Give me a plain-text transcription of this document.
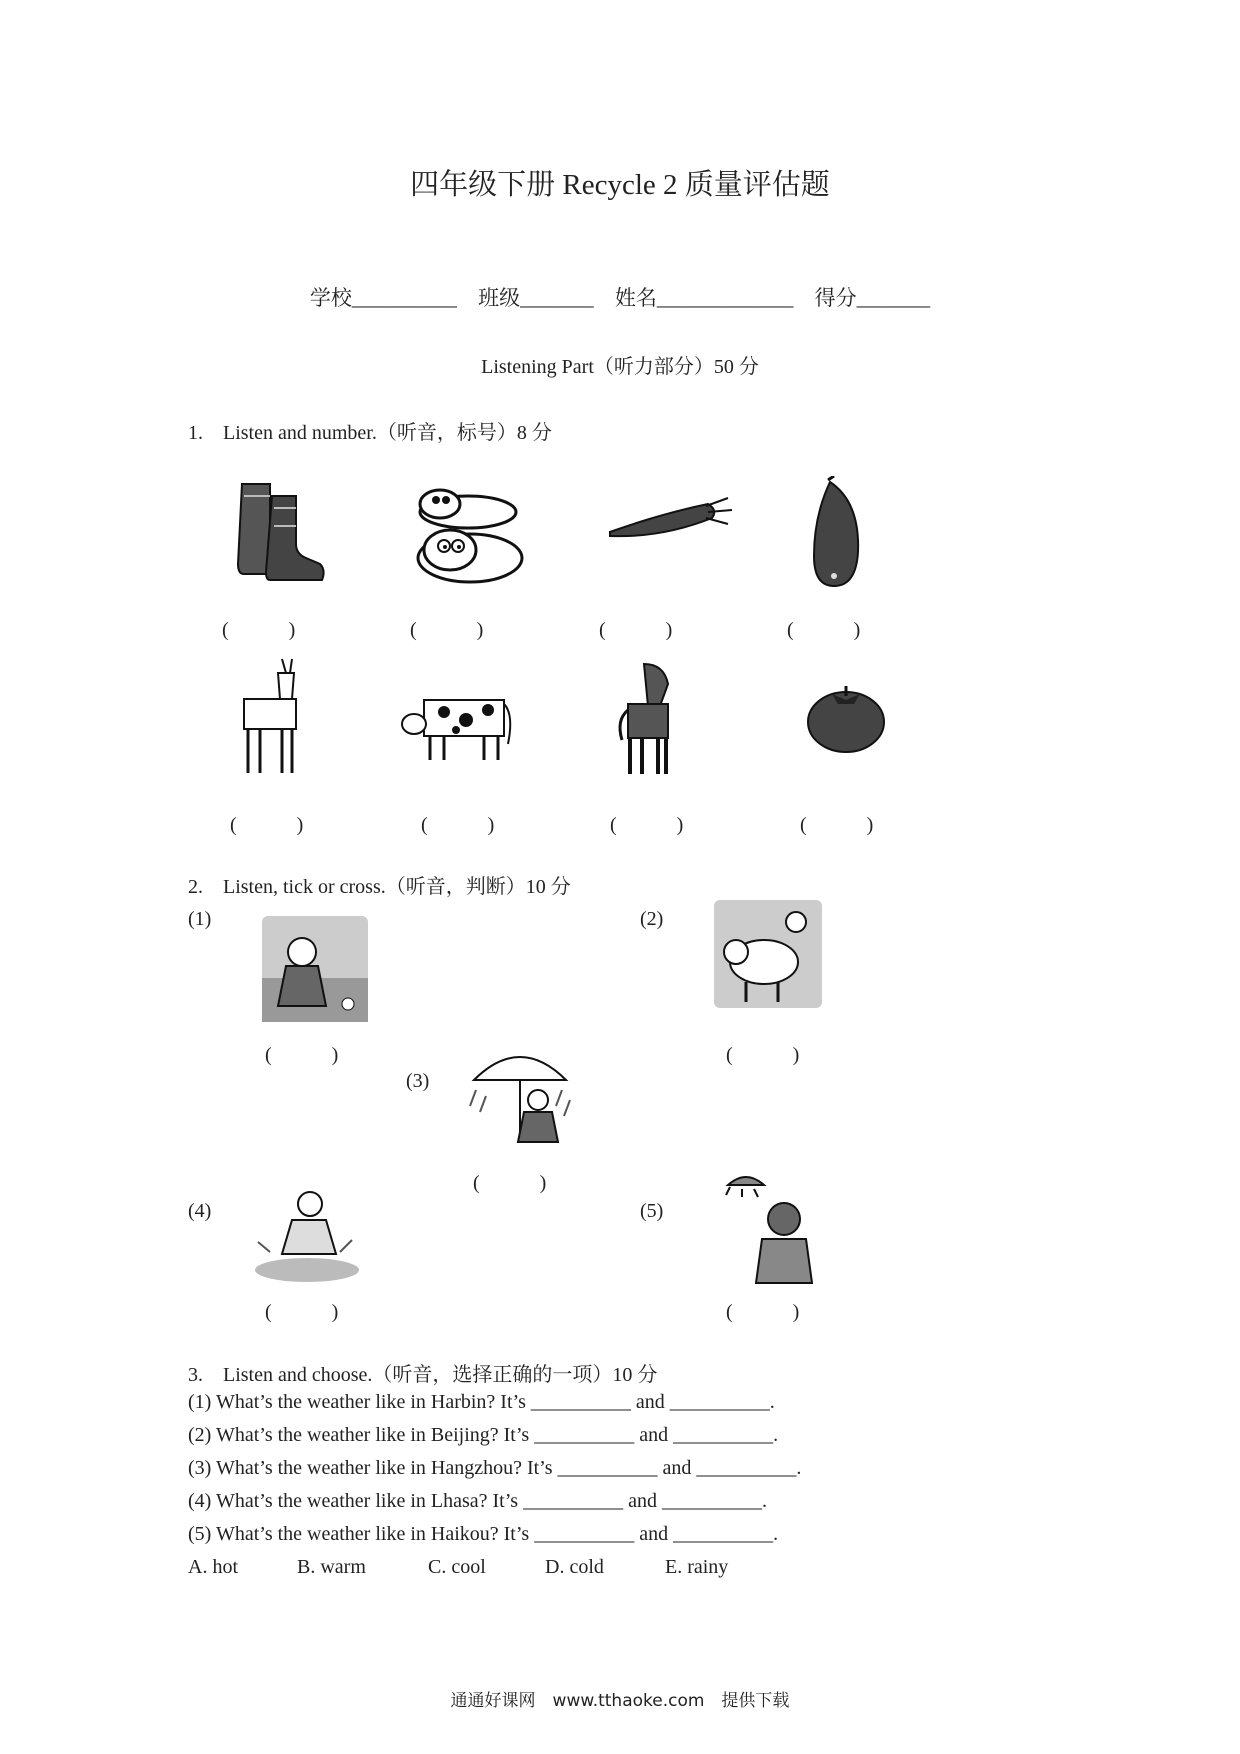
四年级下册 Recycle 2 质量评估题
学校__________ 班级_______ 姓名_____________ 得分_______
Listening Part（听力部分）50 分
1.　Listen and number.（听音，标号）8 分
(　　　)	(　　　)	(　　　)	(　　　)
(　　　)	(　　　)	(　　　)	(　　　)
2.　Listen, tick or cross.（听音，判断）10 分
(1)
(　　　)
(2)
(　　　)
(3)
(　　　)
(4)
(　　　)
(5)
(　　　)
3.　Listen and choose.（听音，选择正确的一项）10 分
(1) What’s the weather like in Harbin? It’s __________ and __________.
(2) What’s the weather like in Beijing? It’s __________ and __________.
(3) What’s the weather like in Hangzhou? It’s __________ and __________.
(4) What’s the weather like in Lhasa? It’s __________ and __________.
(5) What’s the weather like in Haikou? It’s __________ and __________.
A. hot	B. warm	C. cool	D. cold	E. rainy
通通好课网　www.tthaoke.com　提供下载
